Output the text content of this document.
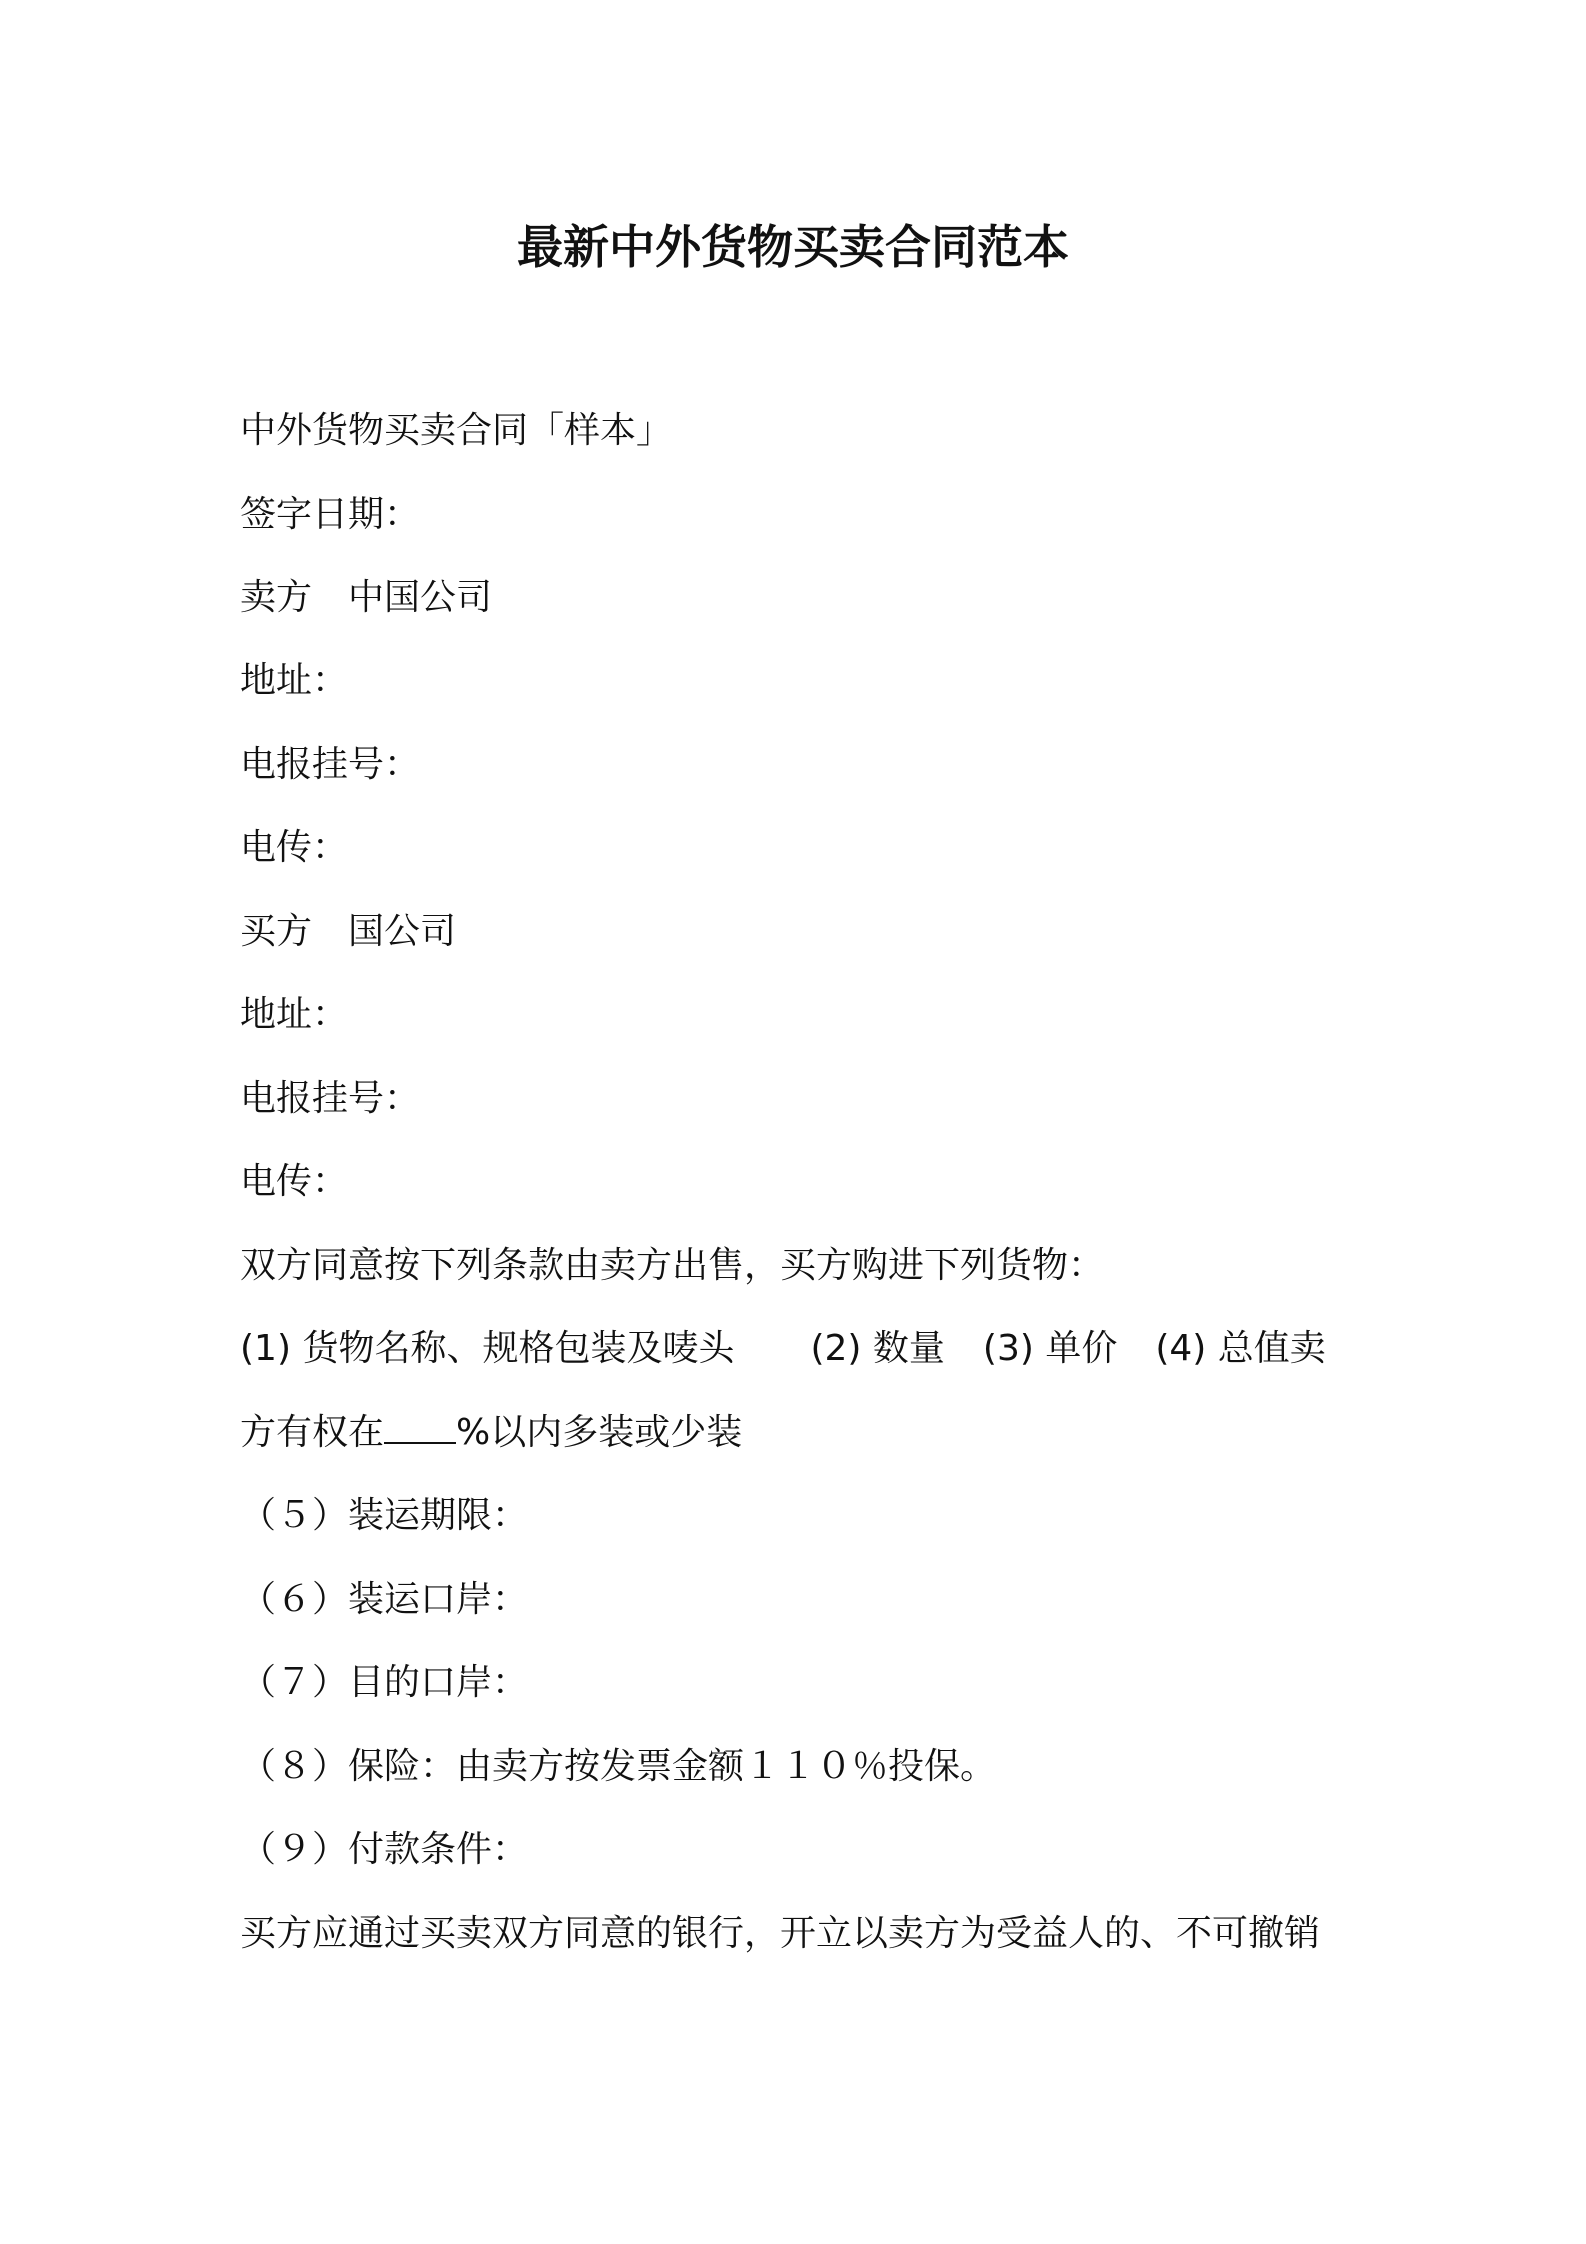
最新中外货物买卖合同范本
中外货物买卖合同「样本」
签字日期：
卖方 中国公司
地址：
电报挂号：
电传：
买方 国公司
地址：
电报挂号：
电传：
双方同意按下列条款由卖方出售，买方购进下列货物：
(1) 货物名称、规格包装及唛头 (2) 数量 (3) 单价 (4) 总值卖
方有权在 %以内多装或少装
（５）装运期限：
（６）装运口岸：
（７）目的口岸：
（８）保险：由卖方按发票金额１１０％投保。
（９）付款条件：
买方应通过买卖双方同意的银行，开立以卖方为受益人的、不可撤销
